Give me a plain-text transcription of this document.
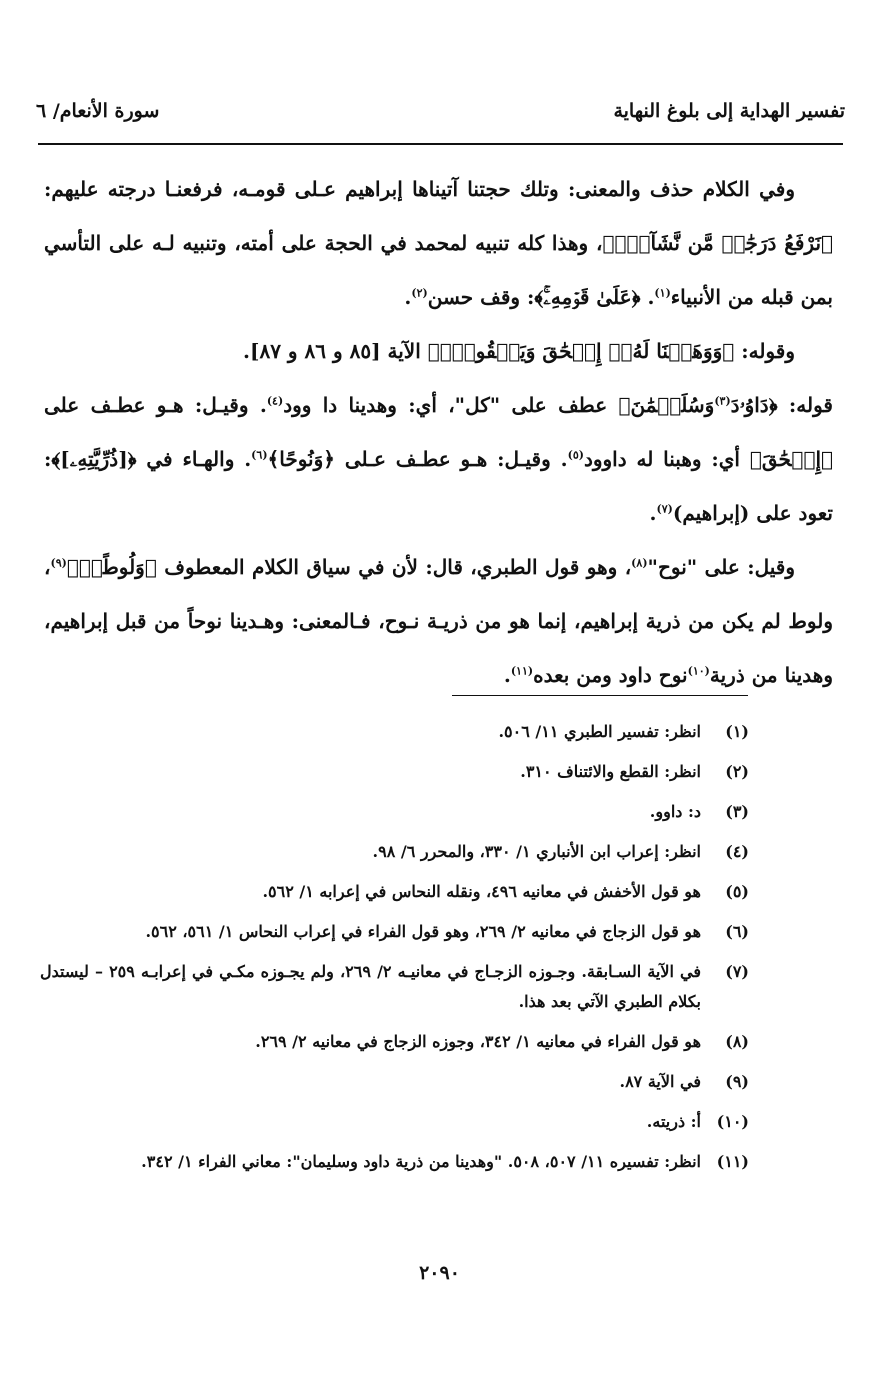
تفسير الهداية إلى بلوغ النهاية
سورة الأنعام/ ٦

وفي الكلام حذف والمعنى: وتلك حجتنا آتيناها إبراهيم عـلى قومـه، فرفعنـا درجته عليهم: ﴿نَرْفَعُ دَرَجَٰتٖ مَّن نَّشَآءُۗ﴾، وهذا كله تنبيه لمحمد في الحجة على أمته، وتنبيه لـه على التأسي بمن قبله من الأنبياء$^{(١)}$. ﴿عَلَىٰ قَوۡمِهِۦۚ﴾: وقف حسن$^{(٢)}$.

وقوله: ﴿وَوَهَبۡنَا لَهُۥٓ إِسۡحَٰقَ وَيَعۡقُوبَۚ﴾ الآية [٨٥ و ٨٦ و ٨٧].

قوله: ﴿دَاوُۥدَ$^{(٣)}$وَسُلَيۡمَٰنَ﴾ عطف على "كل"، أي: وهدينا دا وود$^{(٤)}$. وقيـل: هـو عطـف على ﴿إِسۡحَٰقَ﴾ أي: وهبنا له داوود$^{(٥)}$. وقيـل: هـو عطـف عـلى ﴿وَنُوحًا﴾$^{(٦)}$. والهـاء في ﴿[ذُرِّيَّتِهِۦ]﴾: تعود على (إبراهيم)$^{(٧)}$.

وقيل: على "نوح"$^{(٨)}$، وهو قول الطبري، قال: لأن في سياق الكلام المعطوف ﴿وَلُوطًاۚ﴾$^{(٩)}$، ولوط لم يكن من ذرية إبراهيم، إنما هو من ذريـة نـوح، فـالمعنى: وهـدينا نوحاً من قبل إبراهيم، وهدينا من ذرية$^{(١٠)}$نوح داود ومن بعده$^{(١١)}$.

(١)
انظر: تفسير الطبري ١١/ ٥٠٦.
(٢)
انظر: القطع والائتناف ٣١٠.
(٣)
د: داوو.
(٤)
انظر: إعراب ابن الأنباري ١/ ٣٣٠، والمحرر ٦/ ٩٨.
(٥)
هو قول الأخفش في معانيه ٤٩٦، ونقله النحاس في إعرابه ١/ ٥٦٢.
(٦)
هو قول الزجاج في معانيه ٢/ ٢٦٩، وهو قول الفراء في إعراب النحاس ١/ ٥٦١، ٥٦٢.
(٧)
في الآية السـابقة. وجـوزه الزجـاج في معانيـه ٢/ ٢٦٩، ولم يجـوزه مكـي في إعرابـه ٢٥٩ – ليستدل بكلام الطبري الآتي بعد هذا.
(٨)
هو قول الفراء في معانيه ١/ ٣٤٢، وجوزه الزجاج في معانيه ٢/ ٢٦٩.
(٩)
في الآية ٨٧.
(١٠)
أ: ذريته.
(١١)
انظر: تفسيره ١١/ ٥٠٧، ٥٠٨. "وهدينا من ذرية داود وسليمان": معاني الفراء ١/ ٣٤٢.
٢٠٩٠
